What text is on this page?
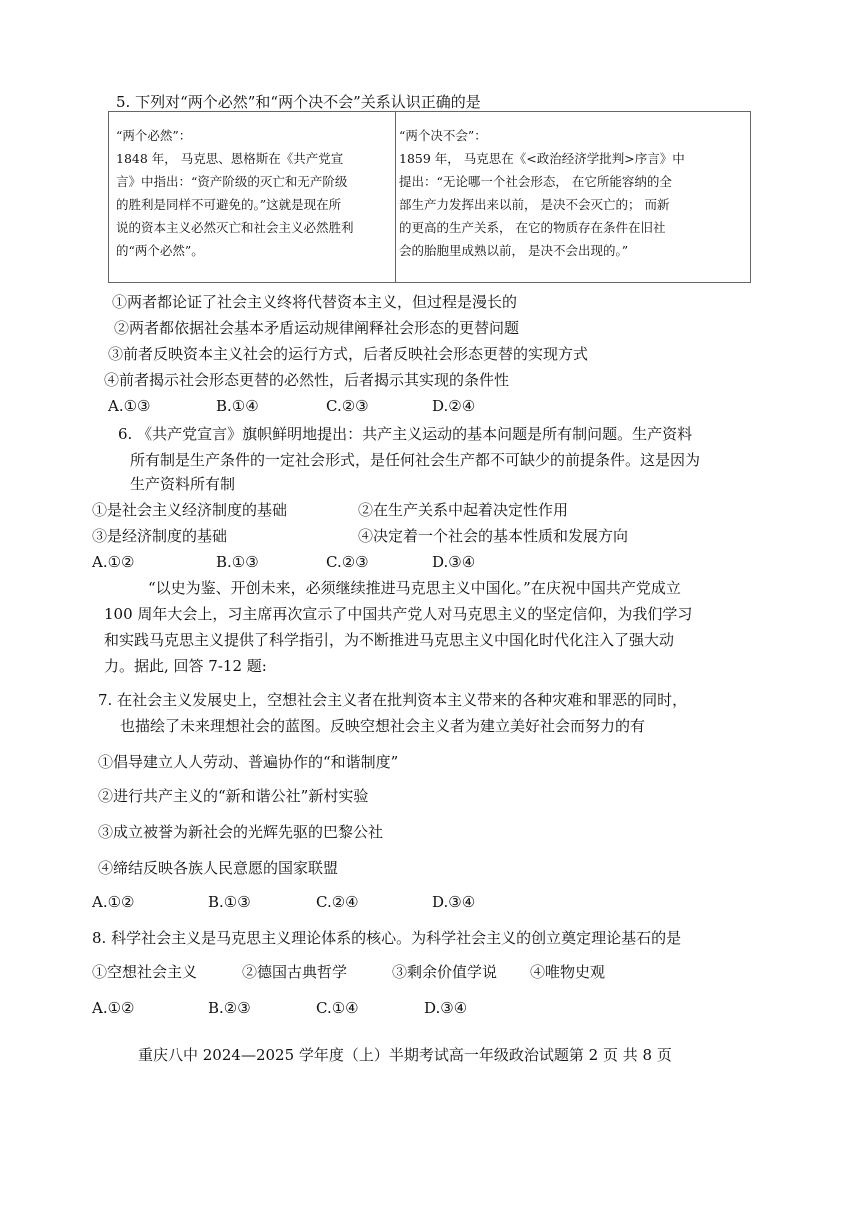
5. 下列对“两个必然”和“两个决不会”关系认识正确的是
“两个必然”：
1848 年， 马克思、恩格斯在《共产党宣
言》中指出：“资产阶级的灭亡和无产阶级
的胜利是同样不可避免的。”这就是现在所
说的资本主义必然灭亡和社会主义必然胜利
的“两个必然”。
“两个决不会”：
1859 年， 马克思在《<政治经济学批判>序言》中
提出：“无论哪一个社会形态， 在它所能容纳的全
部生产力发挥出来以前， 是决不会灭亡的； 而新
的更高的生产关系， 在它的物质存在条件在旧社
会的胎胞里成熟以前， 是决不会出现的。”
①两者都论证了社会主义终将代替资本主义，但过程是漫长的
②两者都依据社会基本矛盾运动规律阐释社会形态的更替问题
③前者反映资本主义社会的运行方式，后者反映社会形态更替的实现方式
④前者揭示社会形态更替的必然性，后者揭示其实现的条件性
A.①③	B.①④	C.②③	D.②④
6. 《共产党宣言》旗帜鲜明地提出：共产主义运动的基本问题是所有制问题。生产资料
所有制是生产条件的一定社会形式，是任何社会生产都不可缺少的前提条件。这是因为
生产资料所有制
①是社会主义经济制度的基础	②在生产关系中起着决定性作用
③是经济制度的基础	④决定着一个社会的基本性质和发展方向
A.①②	B.①③	C.②③	D.③④
“以史为鉴、开创未来，必须继续推进马克思主义中国化。”在庆祝中国共产党成立
100 周年大会上，习主席再次宣示了中国共产党人对马克思主义的坚定信仰，为我们学习
和实践马克思主义提供了科学指引，为不断推进马克思主义中国化时代化注入了强大动
力。据此, 回答 7-12 题:
7. 在社会主义发展史上，空想社会主义者在批判资本主义带来的各种灾难和罪恶的同时，
也描绘了未来理想社会的蓝图。反映空想社会主义者为建立美好社会而努力的有
①倡导建立人人劳动、普遍协作的“和谐制度”
②进行共产主义的“新和谐公社”新村实验
③成立被誉为新社会的光辉先驱的巴黎公社
④缔结反映各族人民意愿的国家联盟
A.①②	B.①③	C.②④	D.③④
8. 科学社会主义是马克思主义理论体系的核心。为科学社会主义的创立奠定理论基石的是
①空想社会主义	②德国古典哲学	③剩余价值学说 ④唯物史观
A.①②	B.②③	C.①④	D.③④
重庆八中 2024—2025 学年度（上）半期考试高一年级政治试题第 2 页 共 8 页
